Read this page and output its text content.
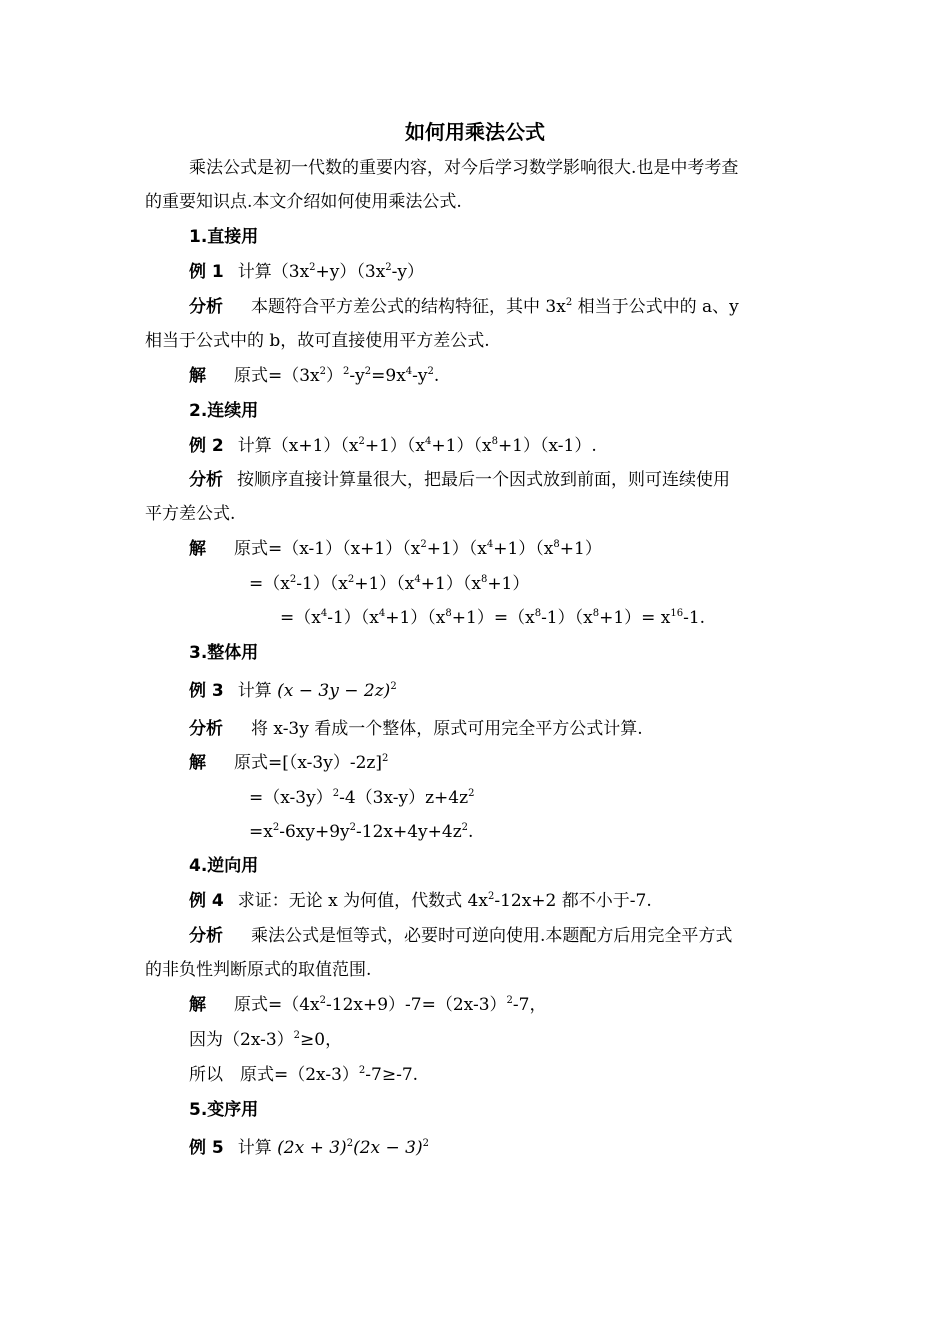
如何用乘法公式
乘法公式是初一代数的重要内容，对今后学习数学影响很大.也是中考考查
的重要知识点.本文介绍如何使用乘法公式.
1.直接用
例 1 计算$(3x^2+y)(3x^2-y)$
分析 本题符合平方差公式的结构特征，其中 $3x^2$ 相当于公式中的 a、y
相当于公式中的 b，故可直接使用平方差公式.
解 原式$=(3x^2)^2-y^2=9x^4-y^2$.
2.连续用
例 2 计算$(x+1)(x^2+1)(x^4+1)(x^8+1)(x-1)$.
分析 按顺序直接计算量很大，把最后一个因式放到前面，则可连续使用
平方差公式.
解 原式$=(x-1)(x+1)(x^2+1)(x^4+1)(x^8+1)$
$=(x^2-1)(x^2+1)(x^4+1)(x^8+1)$
$=(x^4-1)(x^4+1)(x^8+1)=(x^8-1)(x^8+1)= x^{16}-1$.
3.整体用
例 3 计算 $(x - 3y - 2z)^2$
分析 将 x-3y 看成一个整体，原式可用完全平方公式计算.
解 原式$=[(x-3y)-2z]^2$
$=(x-3y)^2-4(3x-y)z+4z^2$
$=x^2-6xy+9y^2-12x+4y+4z^2$.
4.逆向用
例 4 求证：无论 x 为何值，代数式 $4x^2-12x+2$ 都不小于-7.
分析 乘法公式是恒等式，必要时可逆向使用.本题配方后用完全平方式
的非负性判断原式的取值范围.
解 原式$=(4x^2-12x+9)-7=(2x-3)^2-7$，
因为$(2x-3)^2\ge 0$，
所以　原式$=(2x-3)^2-7\ge-7$.
5.变序用
例 5 计算 $(2x + 3)^2(2x - 3)^2$
